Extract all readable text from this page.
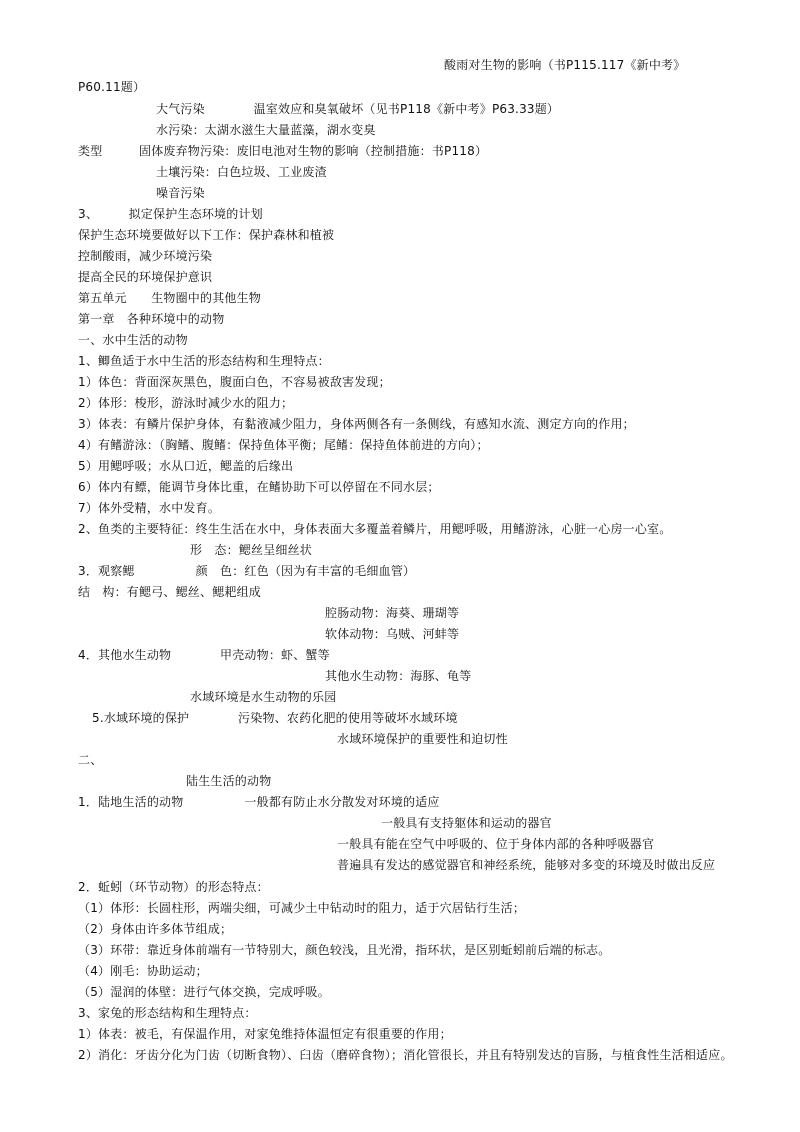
酸雨对生物的影响（书P115.117《新中考》
P60.11题）
大气污染　　　　温室效应和臭氧破坏（见书P118《新中考》P63.33题）
水污染：太湖水滋生大量蓝藻，湖水变臭
类型　　　固体废弃物污染：废旧电池对生物的影响（控制措施：书P118）
土壤污染：白色垃圾、工业废渣
噪音污染
3、　　　拟定保护生态环境的计划
保护生态环境要做好以下工作：保护森林和植被
控制酸雨，减少环境污染
提高全民的环境保护意识
第五单元　　生物圈中的其他生物
第一章　各种环境中的动物
一、水中生活的动物
1、鲫鱼适于水中生活的形态结构和生理特点：
1）体色：背面深灰黑色，腹面白色，不容易被敌害发现；
2）体形：梭形，游泳时减少水的阻力；
3）体表：有鳞片保护身体，有黏液减少阻力，身体两侧各有一条侧线，有感知水流、测定方向的作用；
4）有鳍游泳：（胸鳍、腹鳍：保持鱼体平衡；尾鳍：保持鱼体前进的方向）；
5）用鳃呼吸；水从口近，鳃盖的后缘出
6）体内有鳔，能调节身体比重，在鳍协助下可以停留在不同水层；
7）体外受精，水中发育。
2、鱼类的主要特征：终生生活在水中，身体表面大多覆盖着鳞片，用鳃呼吸，用鳍游泳，心脏一心房一心室。
形　态：鳃丝呈细丝状
3．观察鳃　　　　　颜　色：红色（因为有丰富的毛细血管）
结　构：有鳃弓、鳃丝、鳃耙组成
腔肠动物：海葵、珊瑚等
软体动物：乌贼、河蚌等
4．其他水生动物　　　　甲壳动物：虾、蟹等
其他水生动物：海豚、龟等
水域环境是水生动物的乐园
5.水域环境的保护　　　　污染物、农药化肥的使用等破坏水域环境
水域环境保护的重要性和迫切性
二、
陆生生活的动物
1．陆地生活的动物　　　　　一般都有防止水分散发对环境的适应
一般具有支持躯体和运动的器官
一般具有能在空气中呼吸的、位于身体内部的各种呼吸器官
普遍具有发达的感觉器官和神经系统，能够对多变的环境及时做出反应
2．蚯蚓（环节动物）的形态特点：
（1）体形：长圆柱形，两端尖细，可减少土中钻动时的阻力，适于穴居钻行生活；
（2）身体由许多体节组成；
（3）环带：靠近身体前端有一节特别大，颜色较浅，且光滑，指环状，是区别蚯蚓前后端的标志。
（4）刚毛：协助运动；
（5）湿润的体壁：进行气体交换，完成呼吸。
3、家兔的形态结构和生理特点：
1）体表：被毛，有保温作用，对家兔维持体温恒定有很重要的作用；
2）消化：牙齿分化为门齿（切断食物）、臼齿（磨碎食物）；消化管很长，并且有特别发达的盲肠，与植食性生活相适应。
